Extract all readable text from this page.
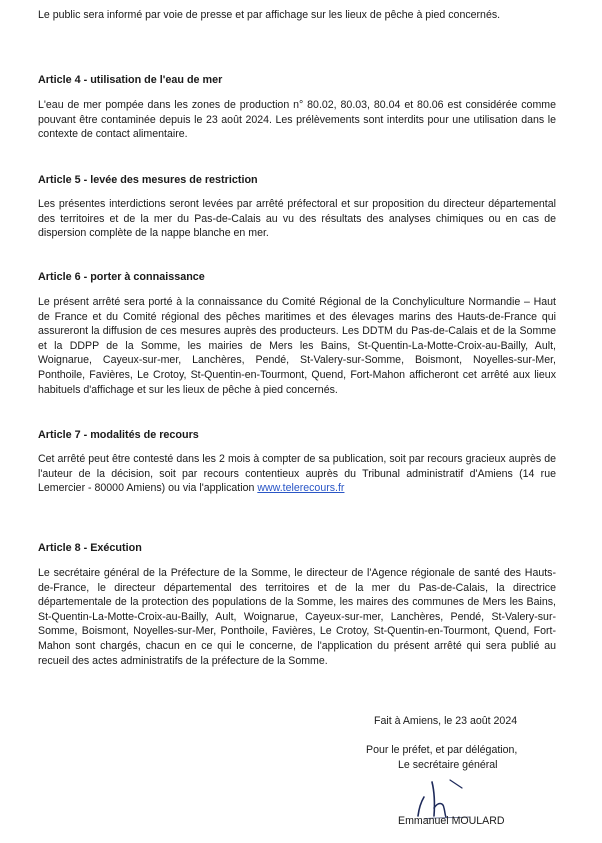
Le public sera informé par voie de presse et par affichage sur les lieux de pêche à pied concernés.

Article 4 - utilisation de l'eau de mer

L'eau de mer pompée dans les zones de production n° 80.02, 80.03, 80.04 et 80.06 est considérée comme pouvant être contaminée depuis le 23 août 2024. Les prélèvements sont interdits pour une utilisation dans le contexte de contact alimentaire.

Article 5 - levée des mesures de restriction

Les présentes interdictions seront levées par arrêté préfectoral et sur proposition du directeur départemental des territoires et de la mer du Pas-de-Calais au vu des résultats des analyses chimiques ou en cas de dispersion complète de la nappe blanche en mer.

Article 6 - porter à connaissance

Le présent arrêté sera porté à la connaissance du Comité Régional de la Conchyliculture Normandie – Haut de France et du Comité régional des pêches maritimes et des élevages marins des Hauts-de-France qui assureront la diffusion de ces mesures auprès des producteurs. Les DDTM du Pas-de-Calais et de la Somme et la DDPP de la Somme, les mairies de Mers les Bains, St-Quentin-La-Motte-Croix-au-Bailly, Ault, Woignarue, Cayeux-sur-mer, Lanchères, Pendé, St-Valery-sur-Somme, Boismont, Noyelles-sur-Mer, Ponthoile, Favières, Le Crotoy, St-Quentin-en-Tourmont, Quend, Fort-Mahon afficheront cet arrêté aux lieux habituels d'affichage et sur les lieux de pêche à pied concernés.

Article 7 - modalités de recours

Cet arrêté peut être contesté dans les 2 mois à compter de sa publication, soit par recours gracieux auprès de l'auteur de la décision, soit par recours contentieux auprès du Tribunal administratif d'Amiens (14 rue Lemercier - 80000 Amiens) ou via l'application www.telerecours.fr

Article 8 - Exécution

Le secrétaire général de la Préfecture de la Somme, le directeur de l'Agence régionale de santé des Hauts-de-France, le directeur départemental des territoires et de la mer du Pas-de-Calais, la directrice départementale de la protection des populations de la Somme, les maires des communes de Mers les Bains, St-Quentin-La-Motte-Croix-au-Bailly, Ault, Woignarue, Cayeux-sur-mer, Lanchères, Pendé, St-Valery-sur-Somme, Boismont, Noyelles-sur-Mer, Ponthoile, Favières, Le Crotoy, St-Quentin-en-Tourmont, Quend, Fort-Mahon sont chargés, chacun en ce qui le concerne, de l'application du présent arrêté qui sera publié au recueil des actes administratifs de la préfecture de la Somme.

Fait à Amiens, le 23 août 2024

Pour le préfet, et par délégation,

Le secrétaire général

Emmanuel MOULARD
